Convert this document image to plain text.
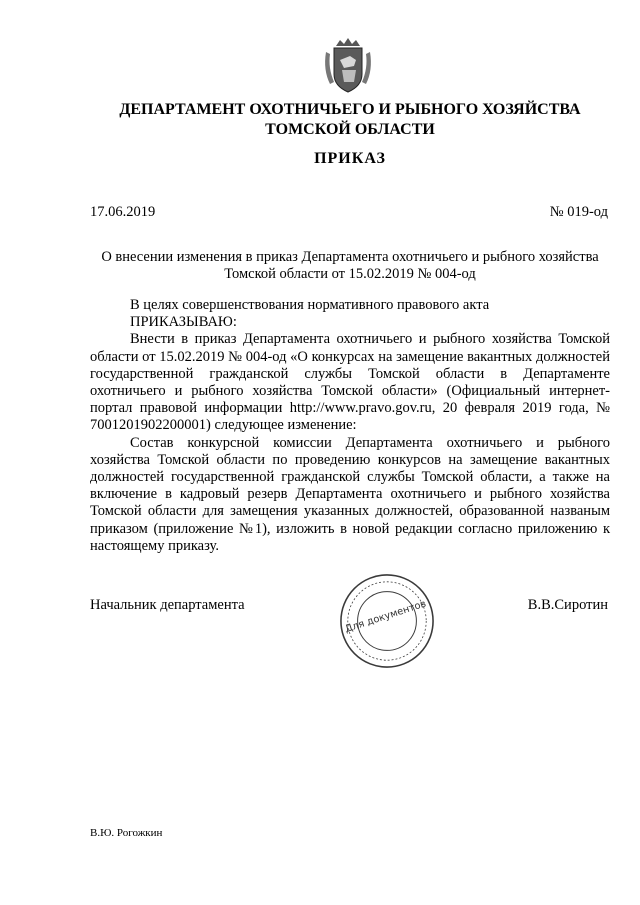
ДЕПАРТАМЕНТ ОХОТНИЧЬЕГО И РЫБНОГО ХОЗЯЙСТВА
ТОМСКОЙ ОБЛАСТИ
ПРИКАЗ
17.06.2019	№ 019-од
О внесении изменения в приказ Департамента охотничьего и рыбного хозяйства
Томской области от 15.02.2019 № 004-од

В целях совершенствования нормативного правового акта

ПРИКАЗЫВАЮ:

Внести в приказ Департамента охотничьего и рыбного хозяйства Томской области от 15.02.2019 № 004-од «О конкурсах на замещение вакантных должностей государственной гражданской службы Томской области в Департаменте охотничьего и рыбного хозяйства Томской области» (Официальный интернет-портал правовой информации http://www.pravo.gov.ru, 20 февраля 2019 года, № 7001201902200001) следующее изменение:

Состав конкурсной комиссии Департамента охотничьего и рыбного хозяйства Томской области по проведению конкурсов на замещение вакантных должностей государственной гражданской службы Томской области, а также на включение в кадровый резерв Департамента охотничьего и рыбного хозяйства Томской области для замещения указанных должностей, образованной названым приказом (приложение №1), изложить в новой редакции согласно приложению к настоящему приказу.

Начальник департамента	Для документов	В.В.Сиротин
В.Ю. Рогожкин
